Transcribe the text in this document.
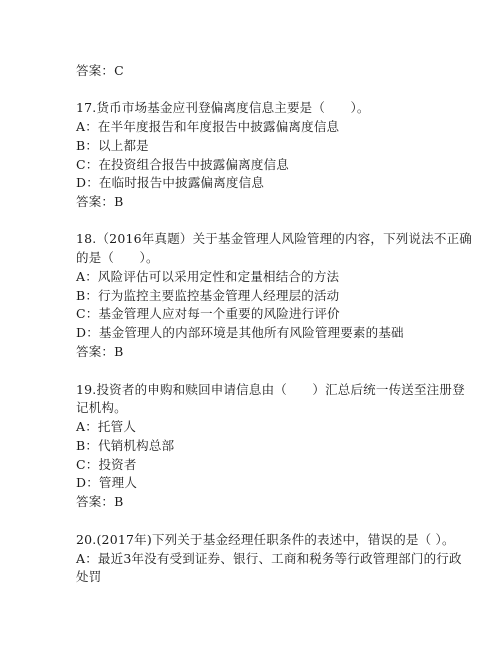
答案：C
17.货币市场基金应刊登偏离度信息主要是（　　）。
A：在半年度报告和年度报告中披露偏离度信息
B：以上都是
C：在投资组合报告中披露偏离度信息
D：在临时报告中披露偏离度信息
答案：B
18.（2016年真题）关于基金管理人风险管理的内容，下列说法不正确
的是（　　）。
A：风险评估可以采用定性和定量相结合的方法
B：行为监控主要监控基金管理人经理层的活动
C：基金管理人应对每一个重要的风险进行评价
D：基金管理人的内部环境是其他所有风险管理要素的基础
答案：B
19.投资者的申购和赎回申请信息由（　　）汇总后统一传送至注册登
记机构。
A：托管人
B：代销机构总部
C：投资者
D：管理人
答案：B
20.(2017年)下列关于基金经理任职条件的表述中，错误的是（ ）。
A：最近3年没有受到证券、银行、工商和税务等行政管理部门的行政
处罚
